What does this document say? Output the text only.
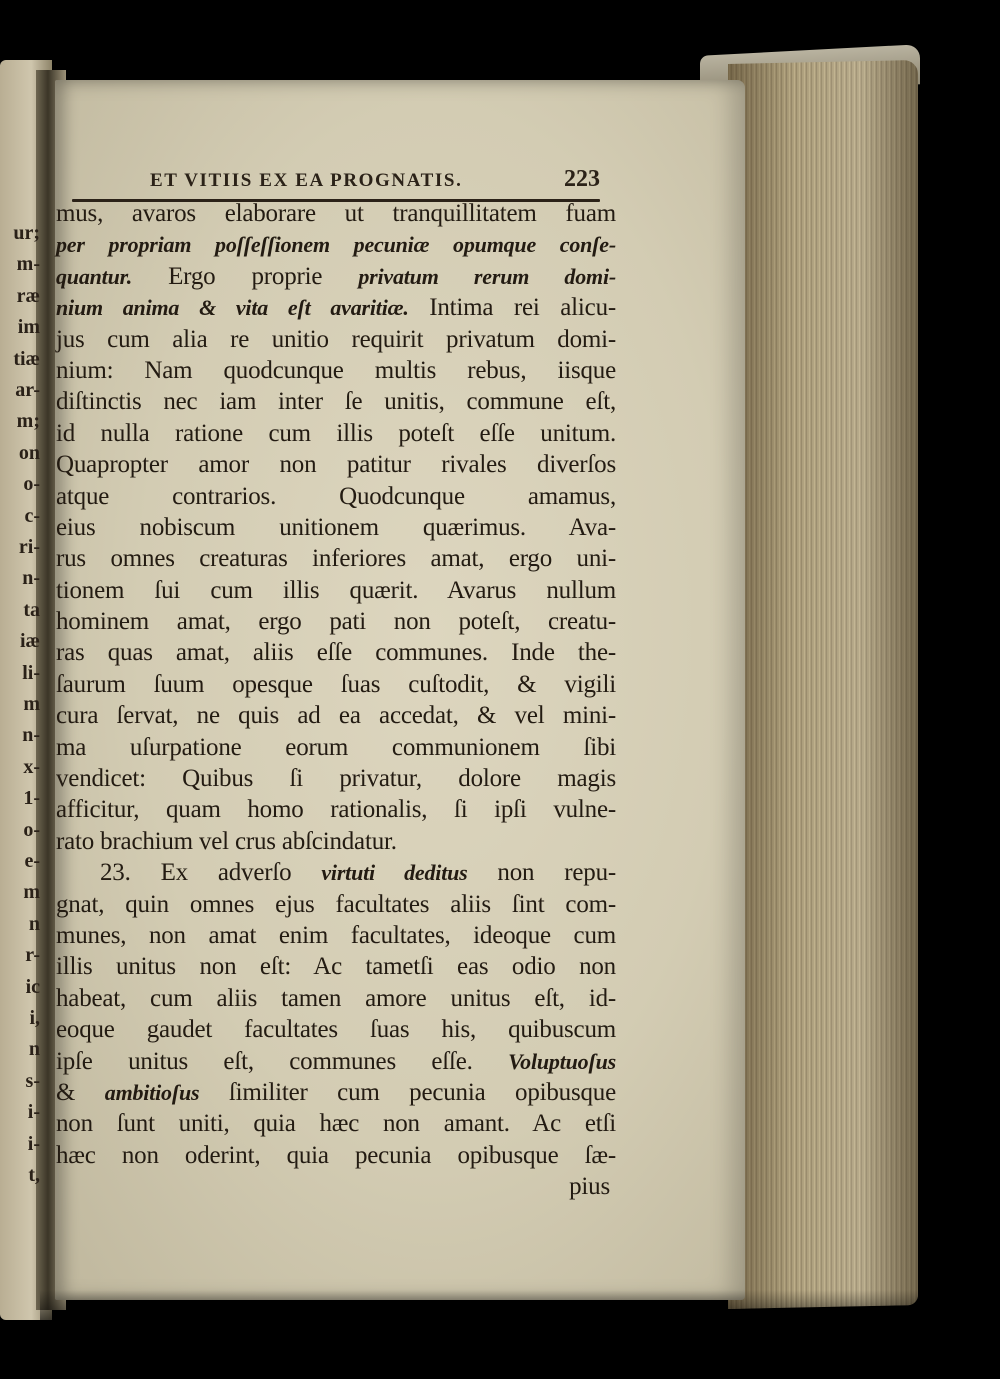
ET VITIIS EX EA PROGNATIS.	223
mus, avaros elaborare ut tranquillitatem fuam
per propriam poſſeſſionem pecuniæ opumque conſe-
quantur. Ergo proprie privatum rerum domi-
nium anima & vita eſt avaritiæ. Intima rei alicu-
jus cum alia re unitio requirit privatum domi-
nium: Nam quodcunque multis rebus, iisque
diſtinctis nec iam inter ſe unitis, commune eſt,
id nulla ratione cum illis poteſt eſſe unitum.
Quapropter amor non patitur rivales diverſos
atque contrarios. Quodcunque amamus,
eius nobiscum unitionem quærimus. Ava-
rus omnes creaturas inferiores amat, ergo uni-
tionem ſui cum illis quærit. Avarus nullum
hominem amat, ergo pati non poteſt, creatu-
ras quas amat, aliis eſſe communes. Inde the-
ſaurum ſuum opesque ſuas cuſtodit, & vigili
cura ſervat, ne quis ad ea accedat, & vel mini-
ma uſurpatione eorum communionem ſibi
vendicet: Quibus ſi privatur, dolore magis
afficitur, quam homo rationalis, ſi ipſi vulne-
rato brachium vel crus abſcindatur.
23. Ex adverſo virtuti deditus non repu-
gnat, quin omnes ejus facultates aliis ſint com-
munes, non amat enim facultates, ideoque cum
illis unitus non eſt: Ac tametſi eas odio non
habeat, cum aliis tamen amore unitus eſt, id-
eoque gaudet facultates ſuas his, quibuscum
ipſe unitus eſt, communes eſſe. Voluptuoſus
& ambitioſus ſimiliter cum pecunia opibusque
non ſunt uniti, quia hæc non amant. Ac etſi
hæc non oderint, quia pecunia opibusque ſæ-
pius
ur;
m-
ræ
im
tiæ
ar-
m;
on
o-
c-
ri-
n-
ta
iæ
li-
m
n-
x-
1-
o-
e-
m
n
r-
ic
i,
n
s-
i-
i-
t,
